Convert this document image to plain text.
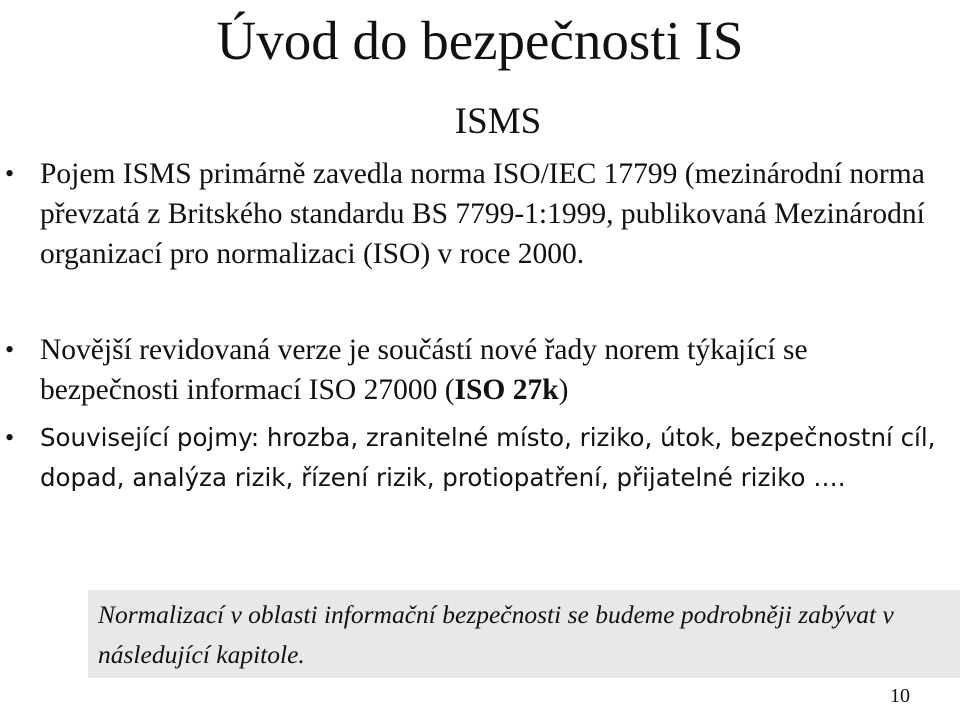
Úvod do bezpečnosti IS
ISMS
• Pojem ISMS primárně zavedla norma ISO/IEC 17799 (mezinárodní norma převzatá z Britského standardu BS 7799-1:1999, publikovaná Mezinárodní organizací pro normalizaci (ISO) v roce 2000.
• Novější revidovaná verze je součástí nové řady norem týkající se bezpečnosti informací ISO 27000 (ISO 27k)
• Související pojmy: hrozba, zranitelné místo, riziko, útok, bezpečnostní cíl, dopad, analýza rizik, řízení rizik, protiopatření, přijatelné riziko ….
Normalizací v oblasti informační bezpečnosti se budeme podrobněji zabývat v následující kapitole.
10
